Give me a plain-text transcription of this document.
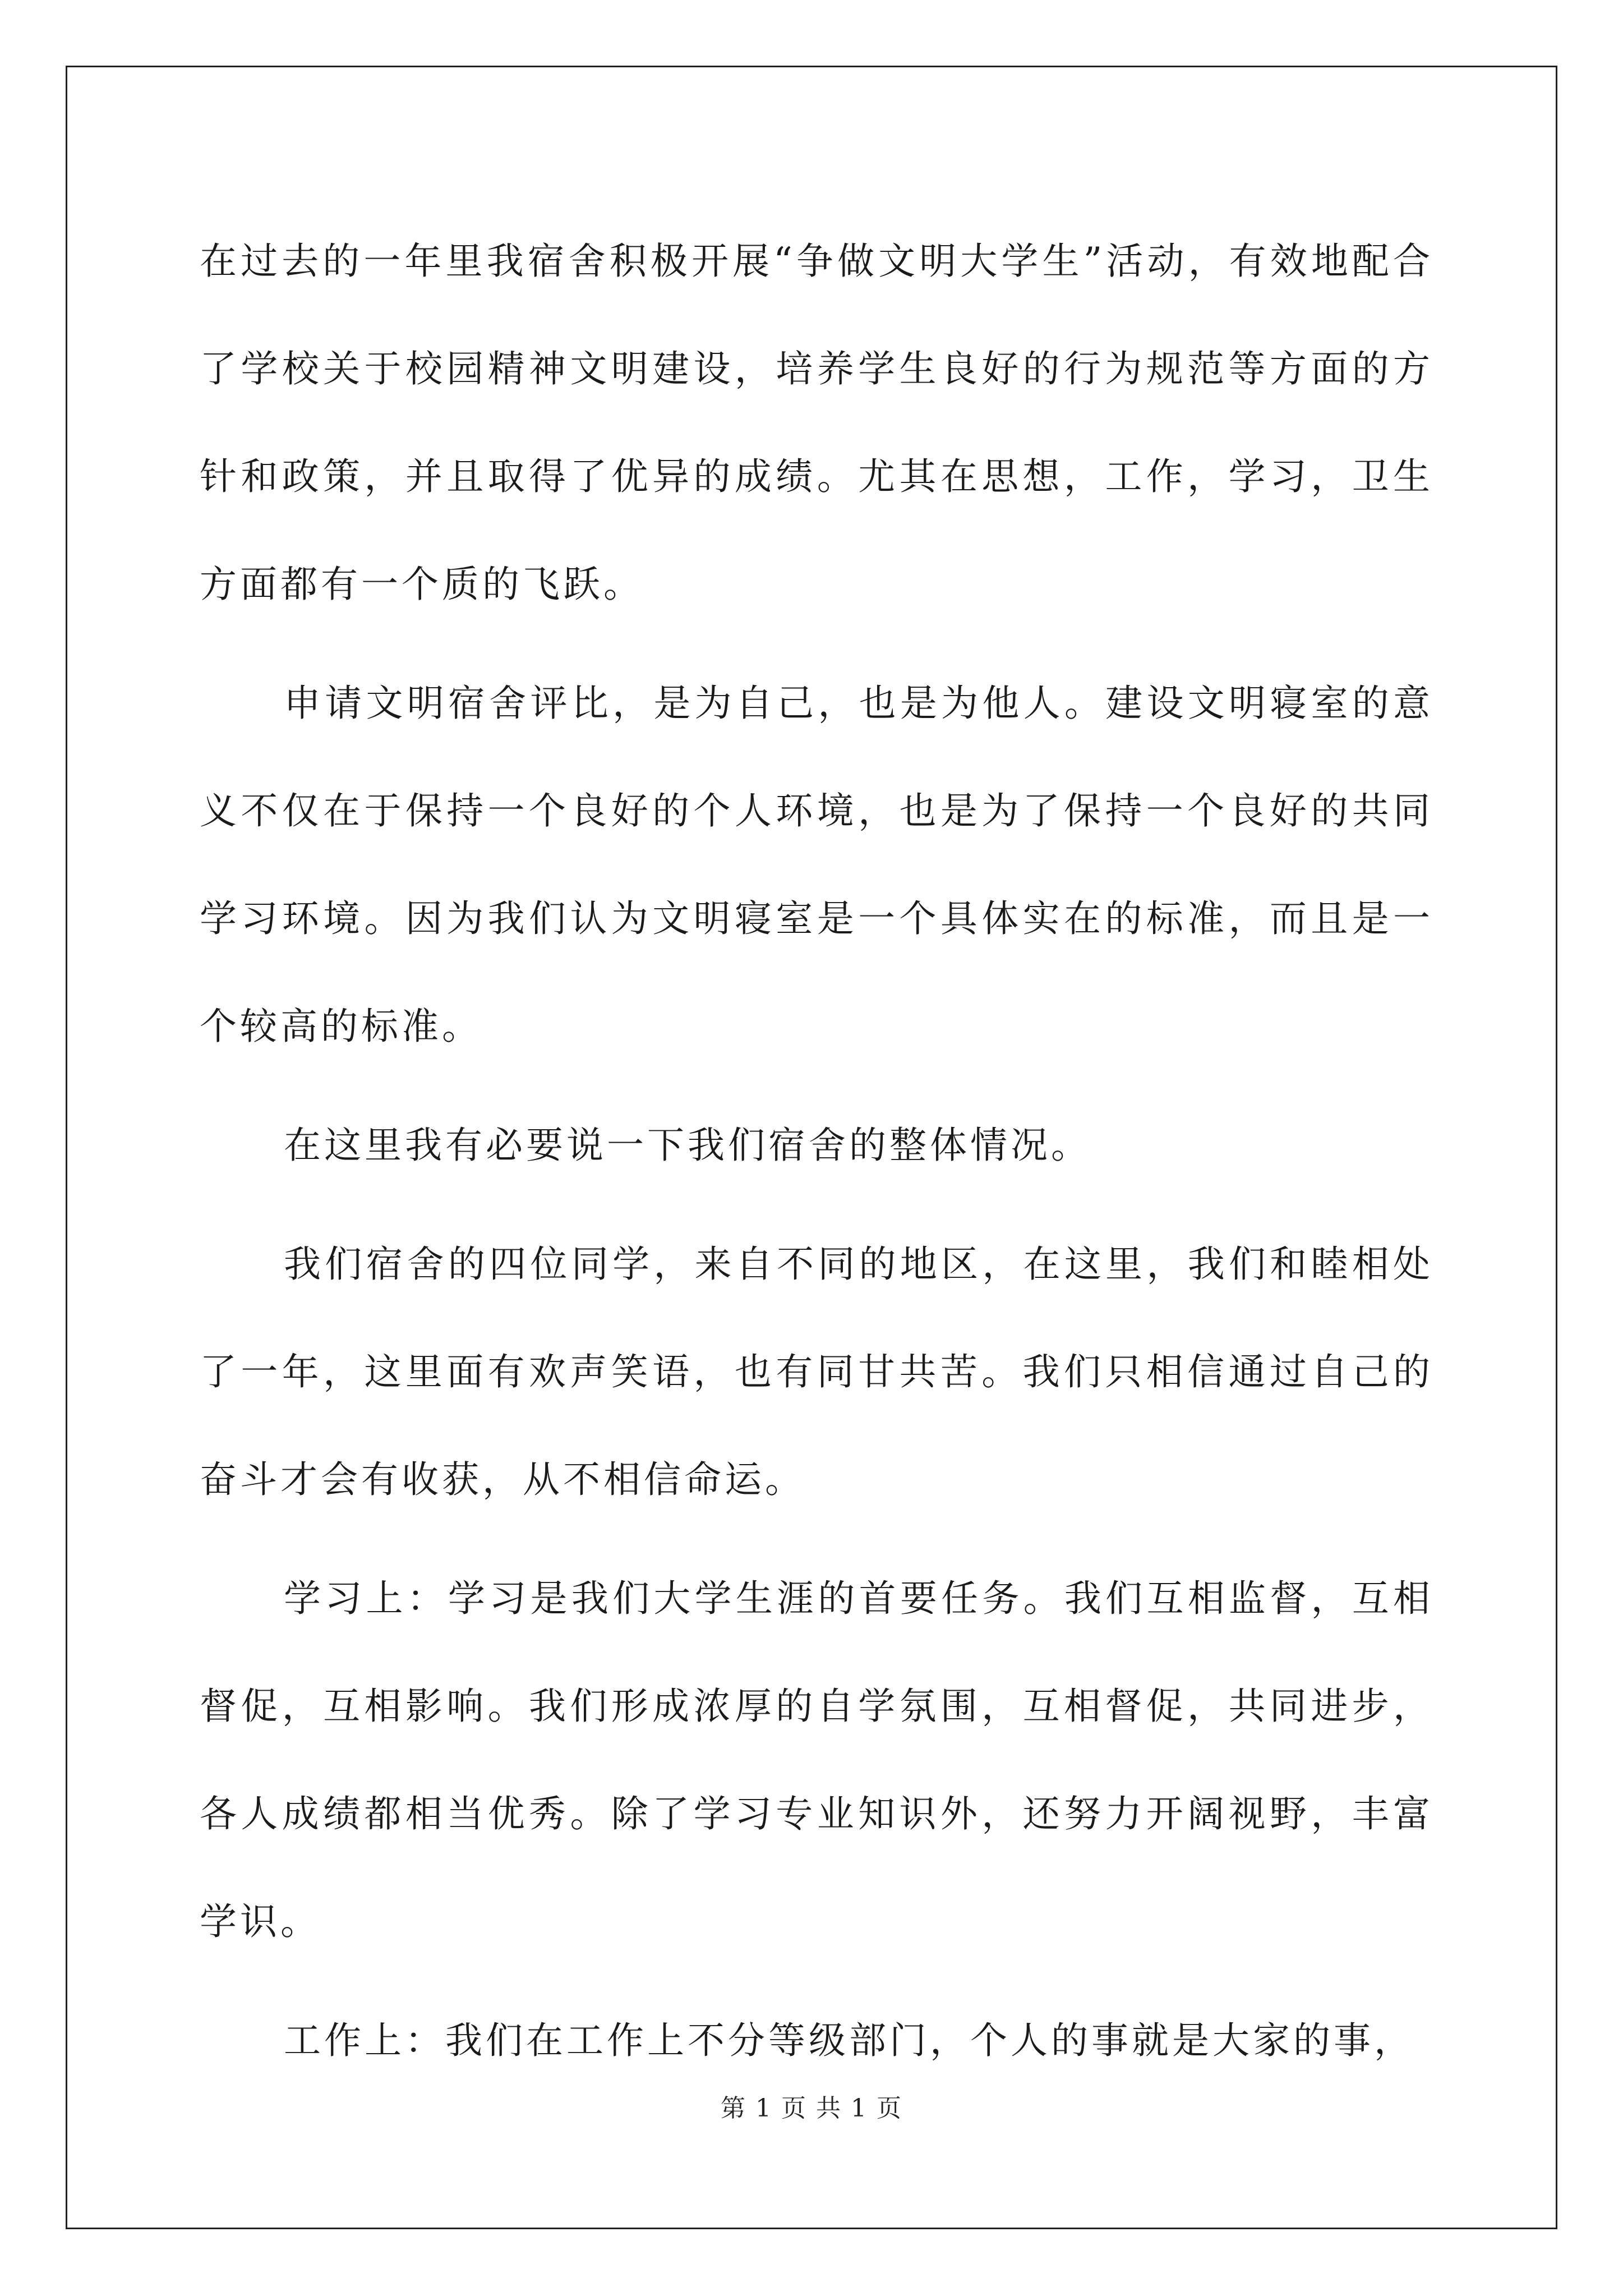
在过去的一年里我宿舍积极开展“争做文明大学生”活动，有效地配合了学校关于校园精神文明建设，培养学生良好的行为规范等方面的方针和政策，并且取得了优异的成绩。尤其在思想，工作，学习，卫生方面都有一个质的飞跃。

申请文明宿舍评比，是为自己，也是为他人。建设文明寝室的意义不仅在于保持一个良好的个人环境，也是为了保持一个良好的共同学习环境。因为我们认为文明寝室是一个具体实在的标准，而且是一个较高的标准。

在这里我有必要说一下我们宿舍的整体情况。

我们宿舍的四位同学，来自不同的地区，在这里，我们和睦相处了一年，这里面有欢声笑语，也有同甘共苦。我们只相信通过自己的奋斗才会有收获，从不相信命运。

学习上：学习是我们大学生涯的首要任务。我们互相监督，互相督促，互相影响。我们形成浓厚的自学氛围，互相督促，共同进步，各人成绩都相当优秀。除了学习专业知识外，还努力开阔视野，丰富学识。

工作上：我们在工作上不分等级部门，个人的事就是大家的事，

第 1 页 共 1 页
